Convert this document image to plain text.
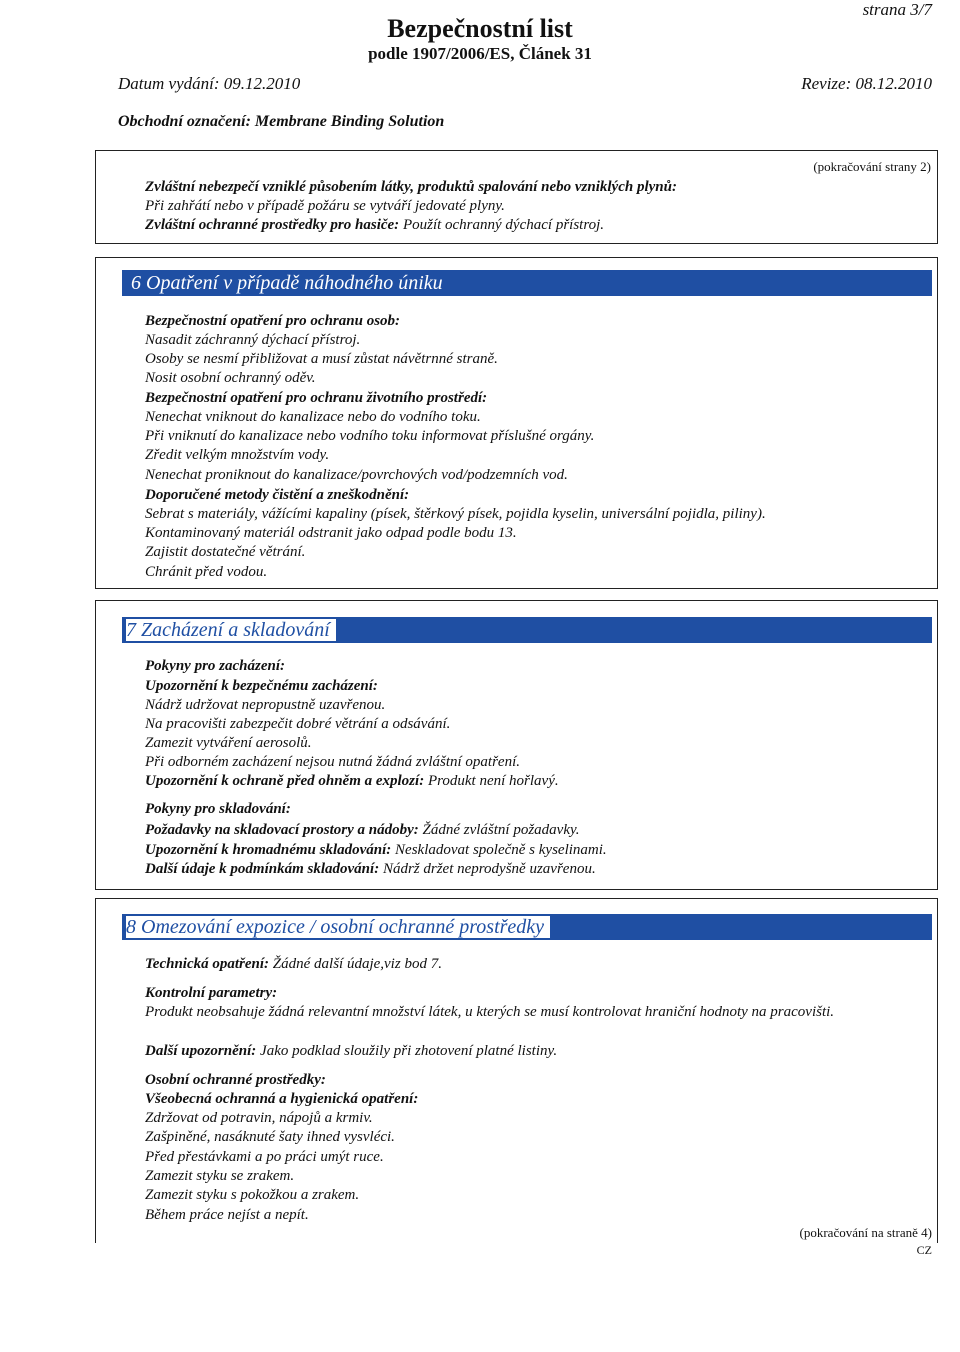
strana 3/7
Bezpečnostní list
podle 1907/2006/ES, Článek 31
Datum vydání: 09.12.2010	Revize: 08.12.2010
Obchodní označení: Membrane Binding Solution
(pokračování strany 2)
Zvláštní nebezpečí vzniklé působením látky, produktů spalování nebo vzniklých plynů:
Při zahřátí nebo v případě požáru se vytváří jedovaté plyny.
Zvláštní ochranné prostředky pro hasiče: Použít ochranný dýchací přístroj.
6 Opatření v případě náhodného úniku
Bezpečnostní opatření pro ochranu osob:
Nasadit záchranný dýchací přístroj.
Osoby se nesmí přibližovat a musí zůstat návětrnné straně.
Nosit osobní ochranný oděv.
Bezpečnostní opatření pro ochranu životního prostředí:
Nenechat vniknout do kanalizace nebo do vodního toku.
Při vniknutí do kanalizace nebo vodního toku informovat příslušné orgány.
Zředit velkým množstvím vody.
Nenechat proniknout do kanalizace/povrchových vod/podzemních vod.
Doporučené metody čistění a zneškodnění:
Sebrat s materiály, vážícími kapaliny (písek, štěrkový písek, pojidla kyselin, universální pojidla, piliny).
Kontaminovaný materiál odstranit jako odpad podle bodu 13.
Zajistit dostatečné větrání.
Chránit před vodou.
7 Zacházení a skladování
Pokyny pro zacházení:
Upozornění k bezpečnému zacházení:
Nádrž udržovat nepropustně uzavřenou.
Na pracovišti zabezpečit dobré větrání a odsávání.
Zamezit vytváření aerosolů.
Při odborném zacházení nejsou nutná žádná zvláštní opatření.
Upozornění k ochraně před ohněm a explozí: Produkt není hořlavý.
Pokyny pro skladování:
Požadavky na skladovací prostory a nádoby: Žádné zvláštní požadavky.
Upozornění k hromadnému skladování: Neskladovat společně s kyselinami.
Další údaje k podmínkám skladování: Nádrž držet neprodyšně uzavřenou.
8 Omezování expozice / osobní ochranné prostředky
Technická opatření: Žádné další údaje,viz bod 7.
Kontrolní parametry:
Produkt neobsahuje žádná relevantní množství látek, u kterých se musí kontrolovat hraniční hodnoty na pracovišti.
Další upozornění: Jako podklad sloužily při zhotovení platné listiny.
Osobní ochranné prostředky:
Všeobecná ochranná a hygienická opatření:
Zdržovat od potravin, nápojů a krmiv.
Zašpiněné, nasáknuté šaty ihned vysvléci.
Před přestávkami a po práci umýt ruce.
Zamezit styku se zrakem.
Zamezit styku s pokožkou a zrakem.
Během práce nejíst a nepít.
(pokračování na straně 4)
CZ
